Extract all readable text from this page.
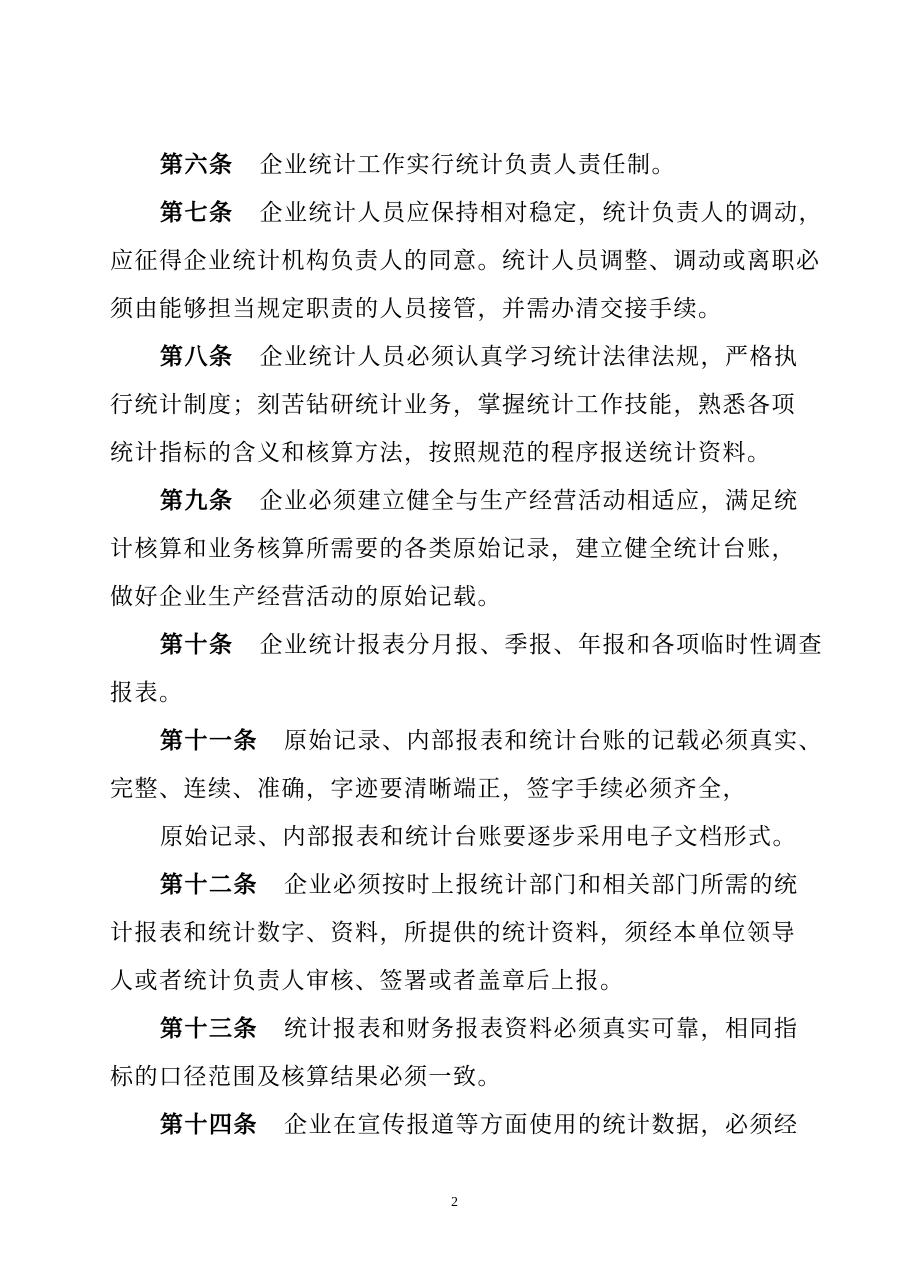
第六条 企业统计工作实行统计负责人责任制。
第七条 企业统计人员应保持相对稳定，统计负责人的调动，
应征得企业统计机构负责人的同意。统计人员调整、调动或离职必
须由能够担当规定职责的人员接管，并需办清交接手续。
第八条 企业统计人员必须认真学习统计法律法规，严格执
行统计制度；刻苦钻研统计业务，掌握统计工作技能，熟悉各项
统计指标的含义和核算方法，按照规范的程序报送统计资料。
第九条 企业必须建立健全与生产经营活动相适应，满足统
计核算和业务核算所需要的各类原始记录，建立健全统计台账，
做好企业生产经营活动的原始记载。
第十条 企业统计报表分月报、季报、年报和各项临时性调查
报表。
第十一条 原始记录、内部报表和统计台账的记载必须真实、
完整、连续、准确，字迹要清晰端正，签字手续必须齐全，
原始记录、内部报表和统计台账要逐步采用电子文档形式。
第十二条 企业必须按时上报统计部门和相关部门所需的统
计报表和统计数字、资料，所提供的统计资料，须经本单位领导
人或者统计负责人审核、签署或者盖章后上报。
第十三条 统计报表和财务报表资料必须真实可靠，相同指
标的口径范围及核算结果必须一致。
第十四条 企业在宣传报道等方面使用的统计数据，必须经
2
